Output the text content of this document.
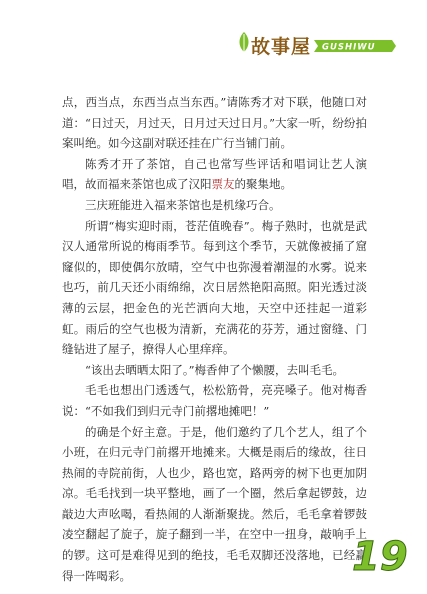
故事屋 GUSHIWU

点，西当点，东西当点当东西。”请陈秀才对下联，他随口对道：“日过天，月过天，日月过天过日月。”大家一听，纷纷拍案叫绝。如今这副对联还挂在广行当铺门前。

陈秀才开了茶馆，自己也常写些评话和唱词让艺人演唱，故而福来茶馆也成了汉阳票友的聚集地。

三庆班能进入福来茶馆也是机缘巧合。

所谓“梅实迎时雨，苍茫值晚春”。梅子熟时，也就是武汉人通常所说的梅雨季节。每到这个季节，天就像被捅了窟窿似的，即使偶尔放晴，空气中也弥漫着潮湿的水雾。说来也巧，前几天还小雨绵绵，次日居然艳阳高照。阳光透过淡薄的云层，把金色的光芒洒向大地，天空中还挂起一道彩虹。雨后的空气也极为清新，充满花的芬芳，通过窗缝、门缝钻进了屋子，撩得人心里痒痒。

“该出去晒晒太阳了。”梅香伸了个懒腰，去叫毛毛。

毛毛也想出门透透气，松松筋骨，亮亮嗓子。他对梅香说：“不如我们到归元寺门前撂地摊吧！”

的确是个好主意。于是，他们邀约了几个艺人，组了个小班，在归元寺门前撂开地摊来。大概是雨后的缘故，往日热闹的寺院前街，人也少，路也宽，路两旁的树下也更加阴凉。毛毛找到一块平整地，画了一个圈，然后拿起锣鼓，边敲边大声吆喝，看热闹的人渐渐聚拢。然后，毛毛拿着锣鼓凌空翻起了旋子，旋子翻到一半，在空中一扭身，敲响手上的锣。这可是难得见到的绝技，毛毛双脚还没落地，已经赢得一阵喝彩。	19
